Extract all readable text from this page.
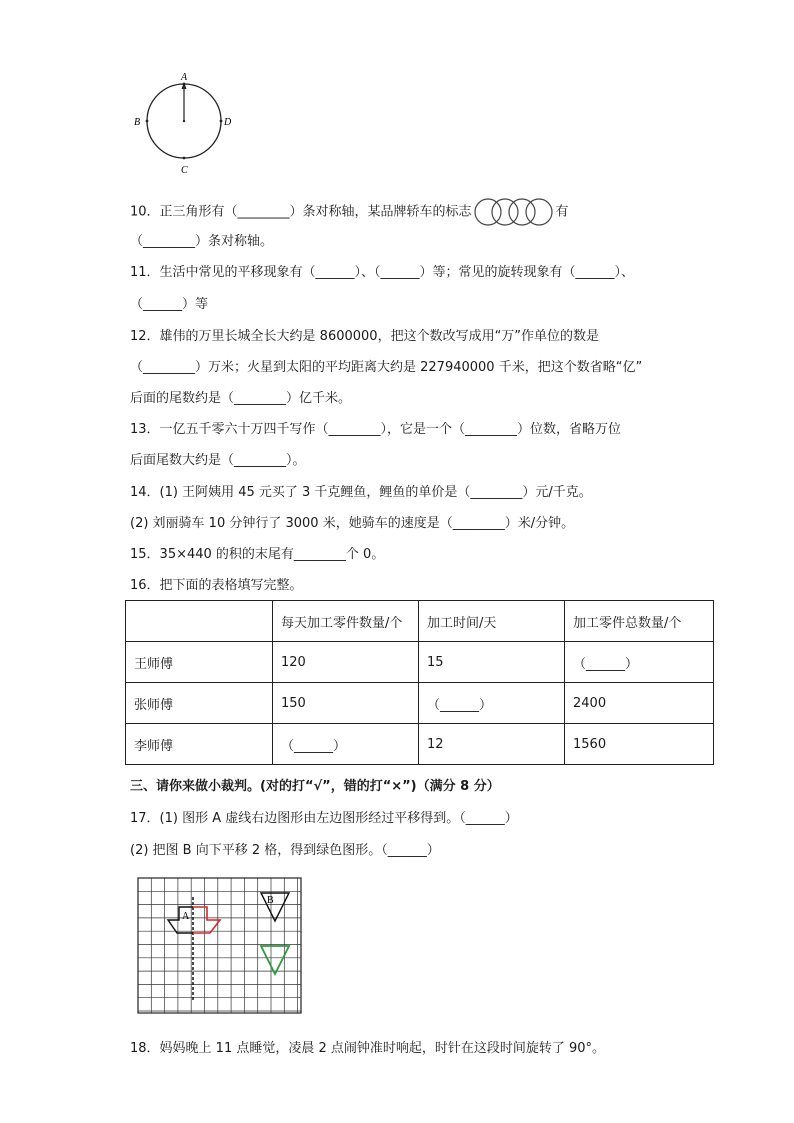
A
B	D
C
10．正三角形有（________）条对称轴，某品牌轿车的标志	有
（________）条对称轴。
11．生活中常见的平移现象有（______）、（______）等；常见的旋转现象有（______）、
（______）等
12．雄伟的万里长城全长大约是 8600000，把这个数改写成用“万”作单位的数是
（________）万米；火星到太阳的平均距离大约是 227940000 千米，把这个数省略“亿”
后面的尾数约是（________）亿千米。
13．一亿五千零六十万四千写作（________），它是一个（________）位数，省略万位
后面尾数大约是（________）。
14．(1) 王阿姨用 45 元买了 3 千克鲤鱼，鲤鱼的单价是（________）元/千克。
(2) 刘丽骑车 10 分钟行了 3000 米，她骑车的速度是（________）米/分钟。
15．35×440 的积的末尾有________个 0。
16．把下面的表格填写完整。
	每天加工零件数量/个	加工时间/天	加工零件总数量/个
王师傅	120	15	（______）
张师傅	150	（______）	2400
李师傅	（______）	12	1560
三、请你来做小裁判。(对的打“√”，错的打“×”)（满分 8 分）
17．(1) 图形 A 虚线右边图形由左边图形经过平移得到。（______）
(2) 把图 B 向下平移 2 格，得到绿色图形。（______）
A
B
18．妈妈晚上 11 点睡觉，凌晨 2 点闹钟准时响起，时针在这段时间旋转了 90°。
